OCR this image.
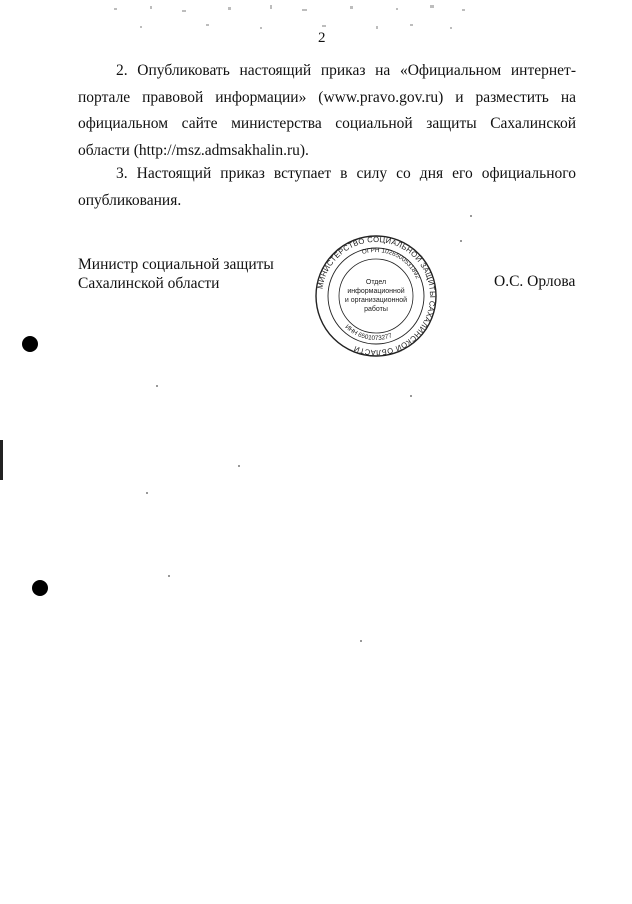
2

2. Опубликовать настоящий приказ на «Официальном интернет-портале правовой информации» (www.pravo.gov.ru) и разместить на официальном сайте министерства социальной защиты Сахалинской области (http://msz.admsakhalin.ru).

3. Настоящий приказ вступает в силу со дня его официального опубликования.

Министр социальной защиты
Сахалинской области	О.С. Орлова
МИНИСТЕРСТВО СОЦИАЛЬНОЙ ЗАЩИТЫ САХАЛИНСКОЙ ОБЛАСТИ
ОГРН 1026500531892
ИНН 6501073277
Отдел
информационной
и организационной
работы
